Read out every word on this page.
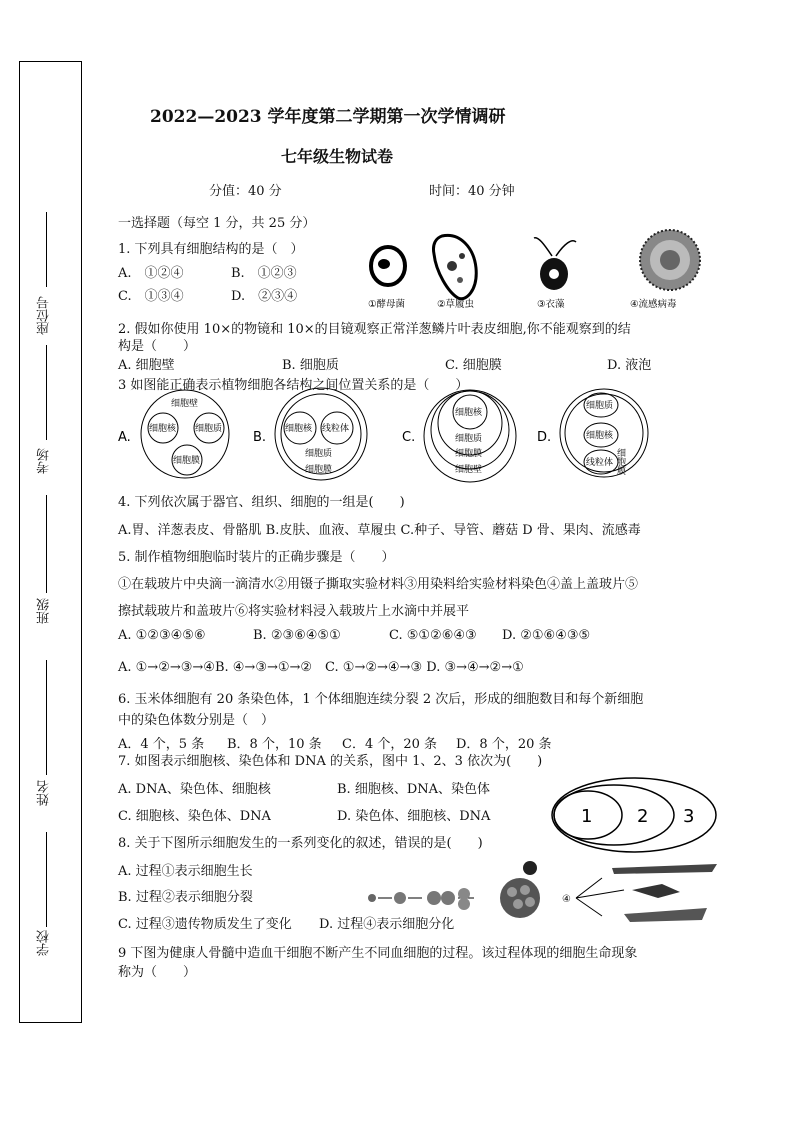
座位号
考场
班级
姓名
学校
2022—2023 学年度第二学期第一次学情调研
七年级生物试卷
分值：40 分	时间：40 分钟
一选择题（每空 1 分，共 25 分）
1. 下列具有细胞结构的是（　）
A.　①②④	B.　①②③
C.　①③④	D.　②③④
①酵母菌	②草履虫	③衣藻	④流感病毒
2. 假如你使用 10×的物镜和 10×的目镜观察正常洋葱鳞片叶表皮细胞,你不能观察到的结
构是（　　）
A. 细胞壁	B. 细胞质	C. 细胞膜	D. 液泡
3 如图能正确表示植物细胞各结构之间位置关系的是（　　）
A.
细胞壁
细胞核 细胞质
细胞膜
B.
细胞核 线粒体
细胞质
细胞膜
C.
细胞核
细胞质
细胞膜
细胞壁
D.
细胞质
细胞核
线粒体 细胞膜
4. 下列依次属于器官、组织、细胞的一组是(　　)
A.胃、洋葱表皮、骨骼肌 B.皮肤、血液、草履虫 C.种子、导管、蘑菇 D 骨、果肉、流感毒
5. 制作植物细胞临时装片的正确步骤是（　　）
①在载玻片中央滴一滴清水②用镊子撕取实验材料③用染料给实验材料染色④盖上盖玻片⑤
擦拭载玻片和盖玻片⑥将实验材料浸入载玻片上水滴中并展平
A. ①②③④⑤⑥	B. ②③⑥④⑤①	C. ⑤①②⑥④③ D. ②①⑥④③⑤
A. ①→②→③→④B. ④→③→①→②　C. ①→②→④→③ D. ③→④→②→①
6. 玉米体细胞有 20 条染色体，1 个体细胞连续分裂 2 次后，形成的细胞数目和每个新细胞
中的染色体数分别是（　）
A．4 个，5 条 B．8 个，10 条 C．4 个，20 条 D．8 个，20 条
7. 如图表示细胞核、染色体和 DNA 的关系，图中 1、2、3 依次为(　　)
A. DNA、染色体、细胞核	B. 细胞核、DNA、染色体
C. 细胞核、染色体、DNA	D. 染色体、细胞核、DNA	1 2 3
8. 关于下图所示细胞发生的一系列变化的叙述，错误的是(　　)
A. 过程①表示细胞生长
B. 过程②表示细胞分裂
C. 过程③遗传物质发生了变化 D. 过程④表示细胞分化
④
9 下图为健康人骨髓中造血干细胞不断产生不同血细胞的过程。该过程体现的细胞生命现象
称为（　　）
